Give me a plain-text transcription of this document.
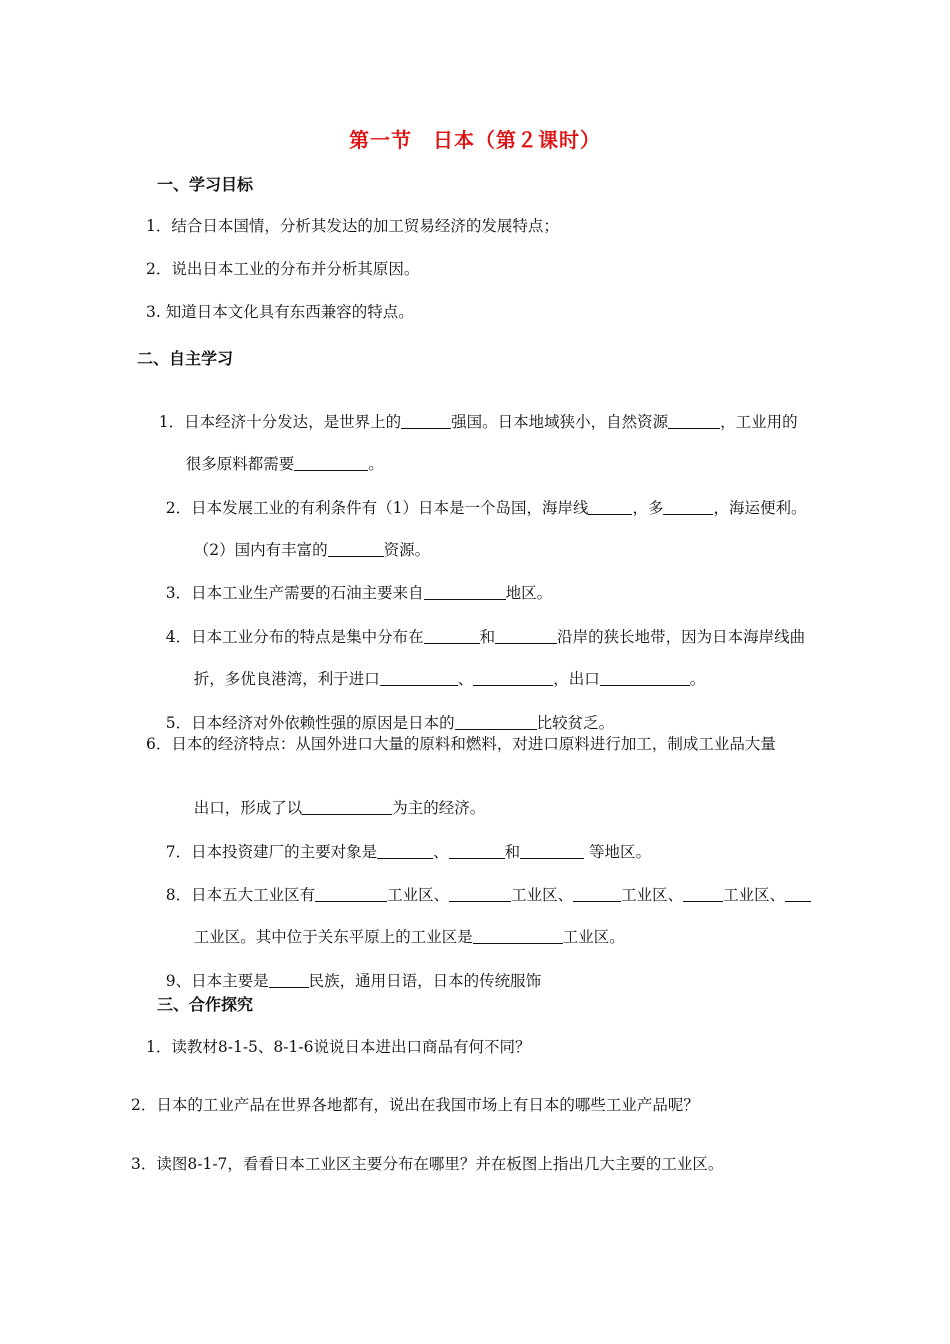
第一节　日本（第２课时）
一、学习目标
1．结合日本国情，分析其发达的加工贸易经济的发展特点；
2．说出日本工业的分布并分析其原因。
3. 知道日本文化具有东西兼容的特点。
二、自主学习

1．日本经济十分发达，是世界上的	强国。日本地域狭小，自然资源	，工业用的

很多原料都需要	。

2．日本发展工业的有利条件有（1）日本是一个岛国，海岸线	，多	，海运便利。

（2）国内有丰富的	资源。

3．日本工业生产需要的石油主要来自	地区。

4．日本工业分布的特点是集中分布在	和	沿岸的狭长地带，因为日本海岸线曲

折，多优良港湾，利于进口	、	，出口	。

5．日本经济对外依赖性强的原因是日本的	比较贫乏。

6．日本的经济特点：从国外进口大量的原料和燃料，对进口原料进行加工，制成工业品大量

出口，形成了以	为主的经济。

7．日本投资建厂的主要对象是	、	和	等地区。

8．日本五大工业区有	工业区、	工业区、	工业区、	工业区、

工业区。其中位于关东平原上的工业区是	工业区。

9、日本主要是	民族，通用日语，日本的传统服饰

三、合作探究
1．读教材8-1-5、8-1-6说说日本进出口商品有何不同？
2．日本的工业产品在世界各地都有，说出在我国市场上有日本的哪些工业产品呢？
3．读图8-1-7，看看日本工业区主要分布在哪里？并在板图上指出几大主要的工业区。
